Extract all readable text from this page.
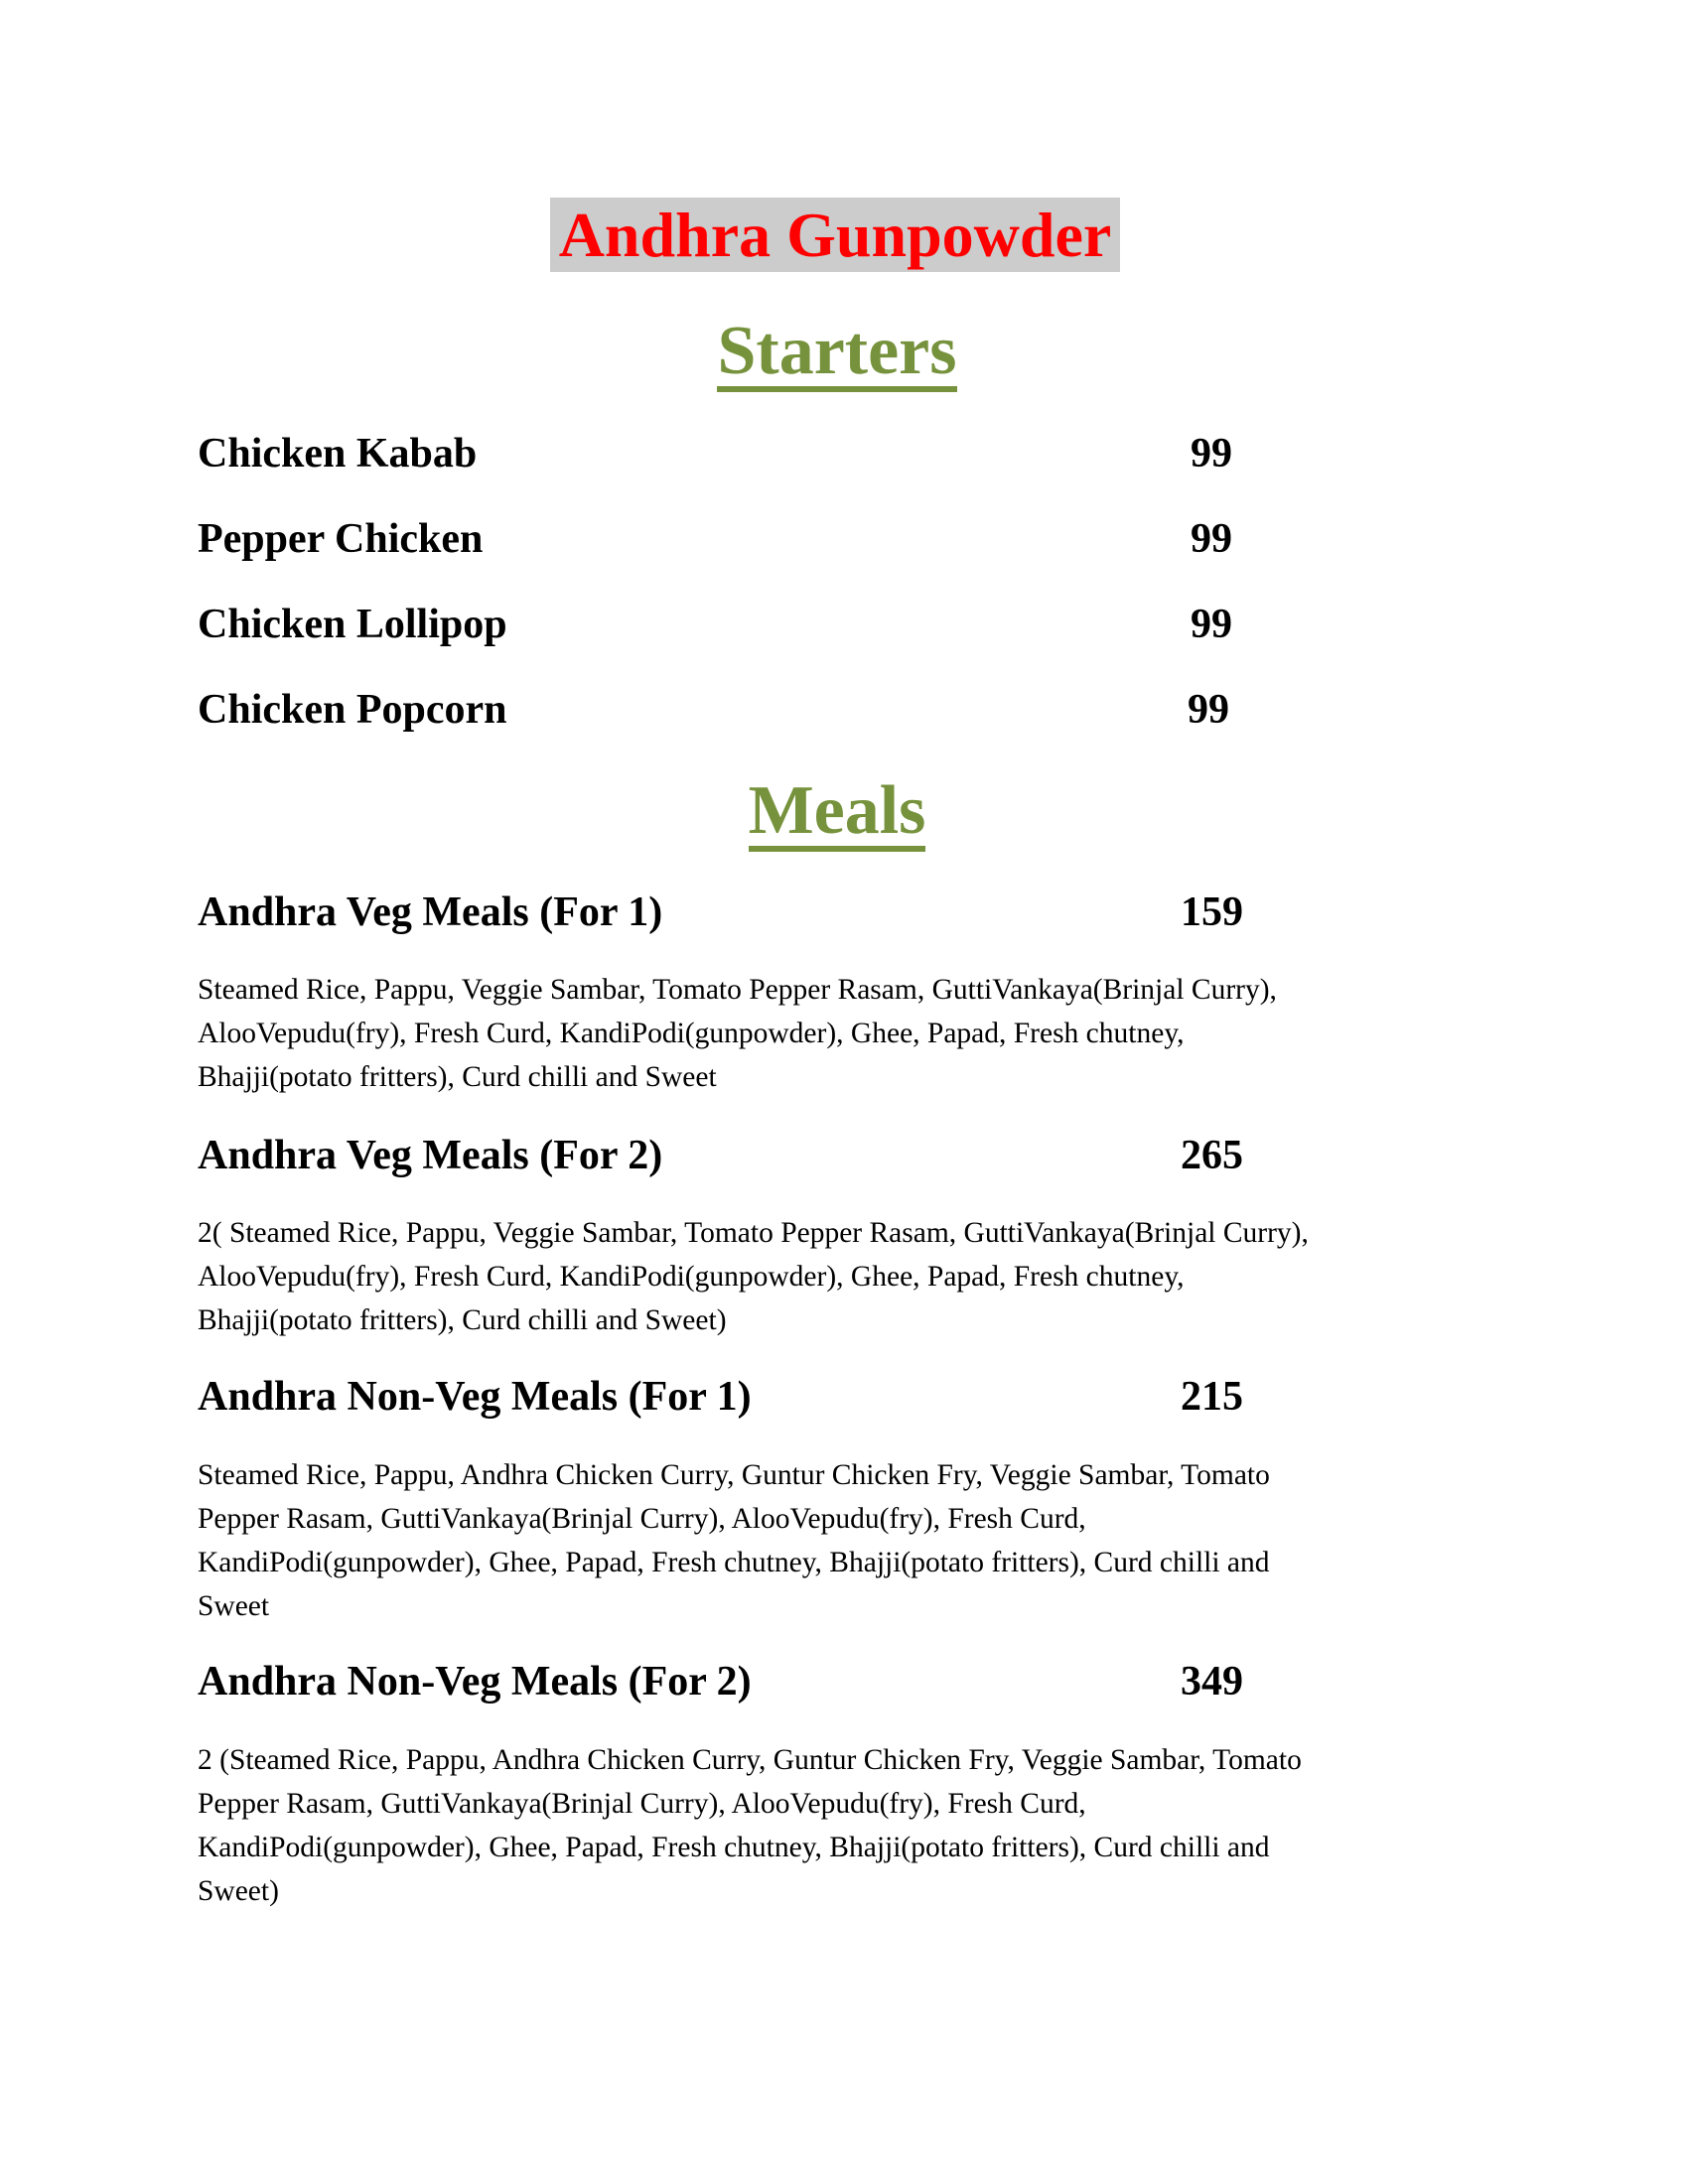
Andhra Gunpowder
Starters
Chicken Kabab	99
Pepper Chicken	99
Chicken Lollipop	99
Chicken Popcorn	99
Meals
Andhra Veg Meals (For 1)	159
Steamed Rice, Pappu, Veggie Sambar, Tomato Pepper Rasam, GuttiVankaya(Brinjal Curry),
AlooVepudu(fry), Fresh Curd, KandiPodi(gunpowder), Ghee, Papad, Fresh chutney,
Bhajji(potato fritters), Curd chilli and Sweet
Andhra Veg Meals (For 2)	265
2( Steamed Rice, Pappu, Veggie Sambar, Tomato Pepper Rasam, GuttiVankaya(Brinjal Curry),
AlooVepudu(fry), Fresh Curd, KandiPodi(gunpowder), Ghee, Papad, Fresh chutney,
Bhajji(potato fritters), Curd chilli and Sweet)
Andhra Non-Veg Meals (For 1)	215
Steamed Rice, Pappu, Andhra Chicken Curry, Guntur Chicken Fry, Veggie Sambar, Tomato
Pepper Rasam, GuttiVankaya(Brinjal Curry), AlooVepudu(fry), Fresh Curd,
KandiPodi(gunpowder), Ghee, Papad, Fresh chutney, Bhajji(potato fritters), Curd chilli and
Sweet
Andhra Non-Veg Meals (For 2)	349
2 (Steamed Rice, Pappu, Andhra Chicken Curry, Guntur Chicken Fry, Veggie Sambar, Tomato
Pepper Rasam, GuttiVankaya(Brinjal Curry), AlooVepudu(fry), Fresh Curd,
KandiPodi(gunpowder), Ghee, Papad, Fresh chutney, Bhajji(potato fritters), Curd chilli and
Sweet)
